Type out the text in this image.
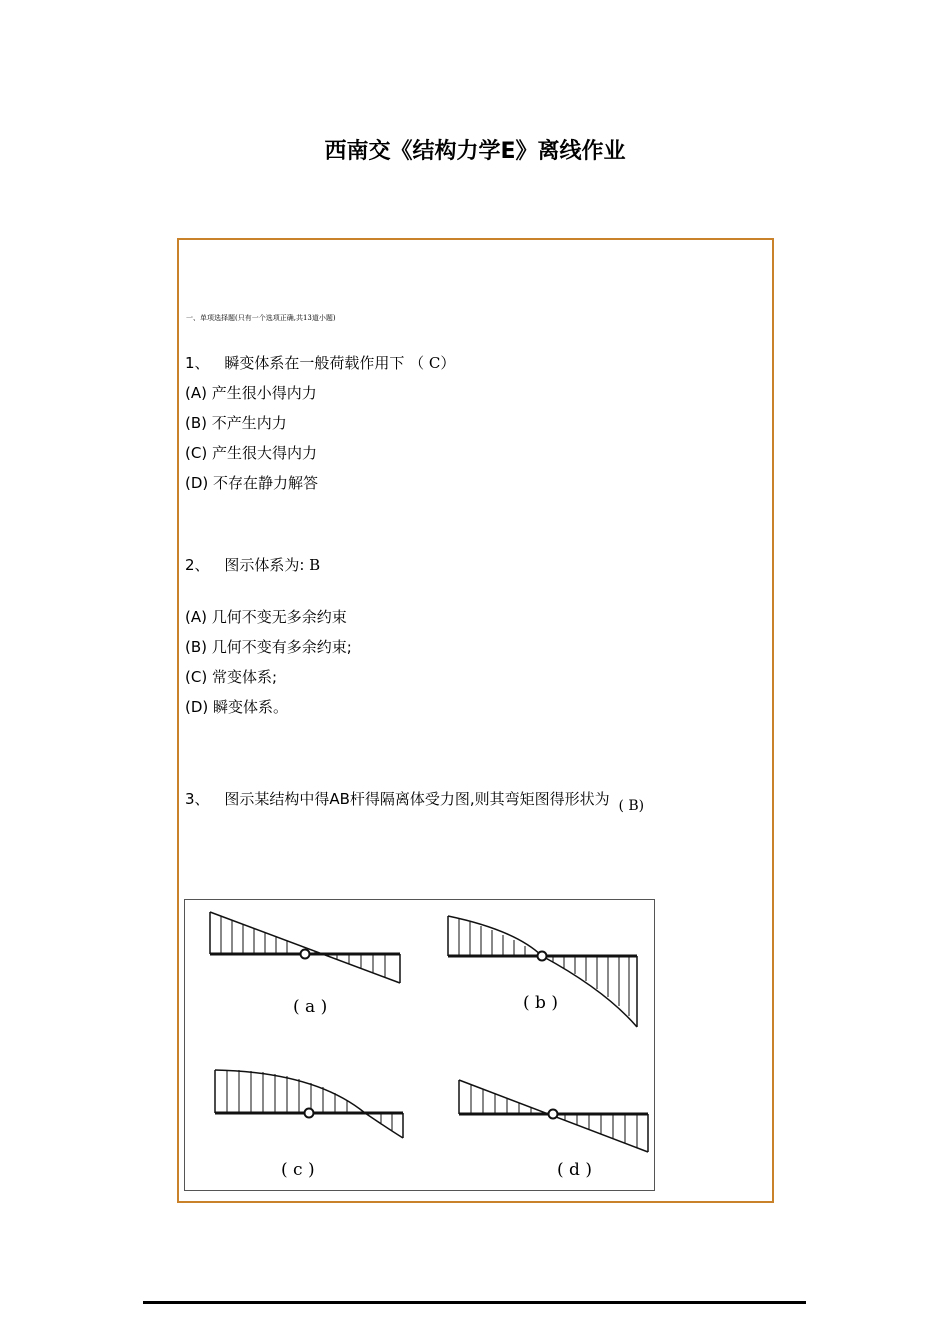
西南交《结构力学E》离线作业
一、单项选择题(只有一个选项正确,共13道小题)
1、 瞬变体系在一般荷载作用下 （ C）
(A) 产生很小得内力
(B) 不产生内力
(C) 产生很大得内力
(D) 不存在静力解答
2、 图示体系为: B
(A) 几何不变无多余约束
(B) 几何不变有多余约束;
(C) 常变体系;
(D) 瞬变体系。
3、 图示某结构中得AB杆得隔离体受力图,则其弯矩图得形状为 ( B)
( a )	( b )
( c )	( d )
